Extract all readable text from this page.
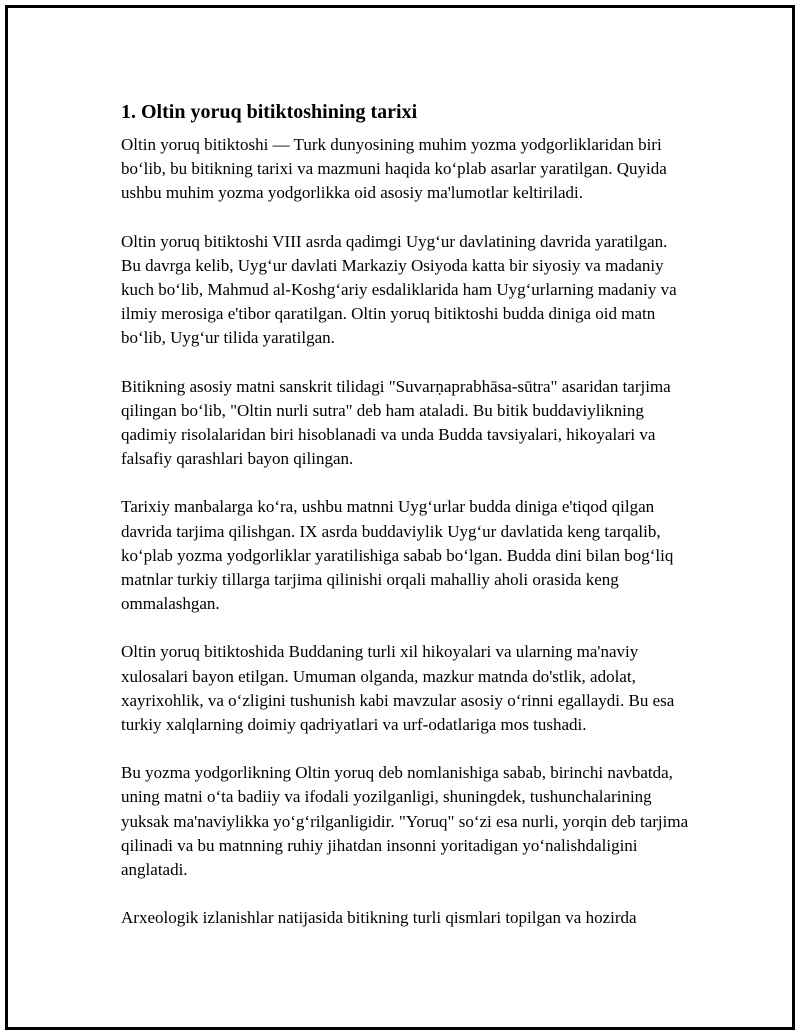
1. Oltin yoruq bitiktoshining tarixi

Oltin yoruq bitiktoshi — Turk dunyosining muhim yozma yodgorliklaridan biri bo‘lib, bu bitikning tarixi va mazmuni haqida ko‘plab asarlar yaratilgan. Quyida ushbu muhim yozma yodgorlikka oid asosiy ma'lumotlar keltiriladi.

Oltin yoruq bitiktoshi VIII asrda qadimgi Uyg‘ur davlatining davrida yaratilgan. Bu davrga kelib, Uyg‘ur davlati Markaziy Osiyoda katta bir siyosiy va madaniy kuch bo‘lib, Mahmud al-Koshg‘ariy esdaliklarida ham Uyg‘urlarning madaniy va ilmiy merosiga e'tibor qaratilgan. Oltin yoruq bitiktoshi budda diniga oid matn bo‘lib, Uyg‘ur tilida yaratilgan.

Bitikning asosiy matni sanskrit tilidagi "Suvarṇaprabhāsa-sūtra" asaridan tarjima qilingan bo‘lib, "Oltin nurli sutra" deb ham ataladi. Bu bitik buddaviylikning qadimiy risolalaridan biri hisoblanadi va unda Budda tavsiyalari, hikoyalari va falsafiy qarashlari bayon qilingan.

Tarixiy manbalarga ko‘ra, ushbu matnni Uyg‘urlar budda diniga e'tiqod qilgan davrida tarjima qilishgan. IX asrda buddaviylik Uyg‘ur davlatida keng tarqalib, ko‘plab yozma yodgorliklar yaratilishiga sabab bo‘lgan. Budda dini bilan bog‘liq matnlar turkiy tillarga tarjima qilinishi orqali mahalliy aholi orasida keng ommalashgan.

Oltin yoruq bitiktoshida Buddaning turli xil hikoyalari va ularning ma'naviy xulosalari bayon etilgan. Umuman olganda, mazkur matnda do'stlik, adolat, xayrixohlik, va o‘zligini tushunish kabi mavzular asosiy o‘rinni egallaydi. Bu esa turkiy xalqlarning doimiy qadriyatlari va urf-odatlariga mos tushadi.

Bu yozma yodgorlikning Oltin yoruq deb nomlanishiga sabab, birinchi navbatda, uning matni o‘ta badiiy va ifodali yozilganligi, shuningdek, tushunchalarining yuksak ma'naviylikka yo‘g‘rilganligidir. "Yoruq" so‘zi esa nurli, yorqin deb tarjima qilinadi va bu matnning ruhiy jihatdan insonni yoritadigan yo‘nalishdaligini anglatadi.

Arxeologik izlanishlar natijasida bitikning turli qismlari topilgan va hozirda
